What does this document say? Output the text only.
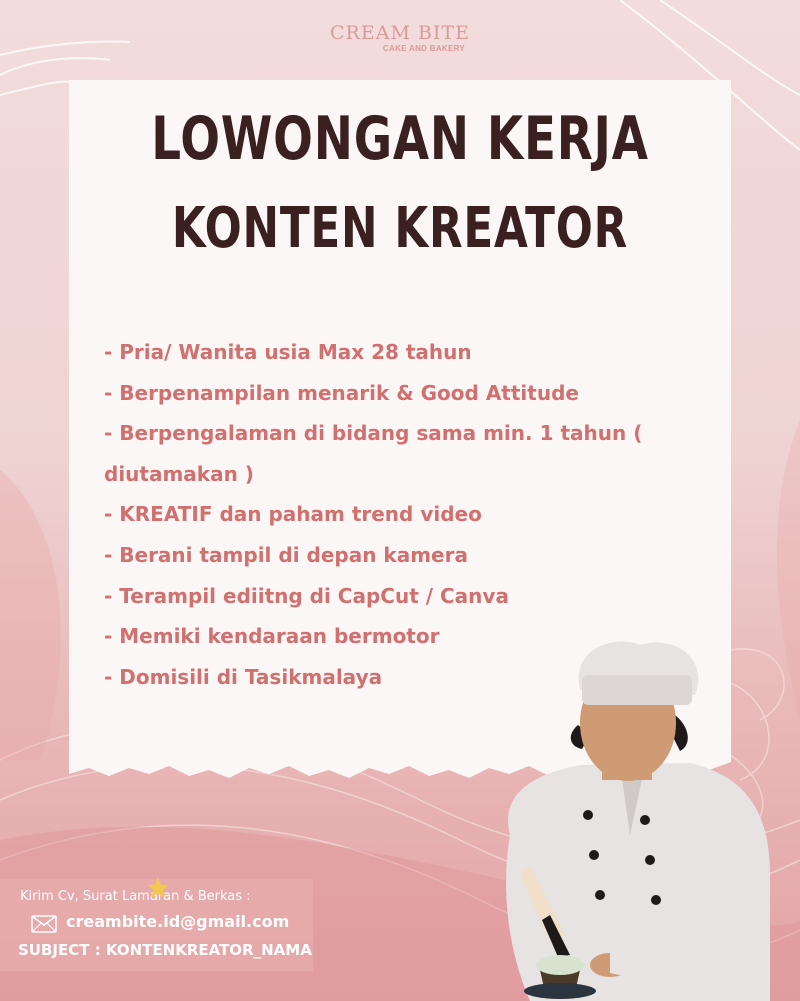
CREAM BITE
CAKE AND BAKERY
LOWONGAN KERJA
KONTEN KREATOR
- Pria/ Wanita usia Max 28 tahun
- Berpenampilan menarik & Good Attitude
- Berpengalaman di bidang sama min. 1 tahun (
diutamakan )
- KREATIF dan paham trend video
- Berani tampil di depan kamera
- Terampil ediitng di CapCut / Canva
- Memiki kendaraan bermotor
- Domisili di Tasikmalaya
Kirim Cv, Surat Lamaran & Berkas :
creambite.id@gmail.com
SUBJECT : KONTENKREATOR_NAMA
